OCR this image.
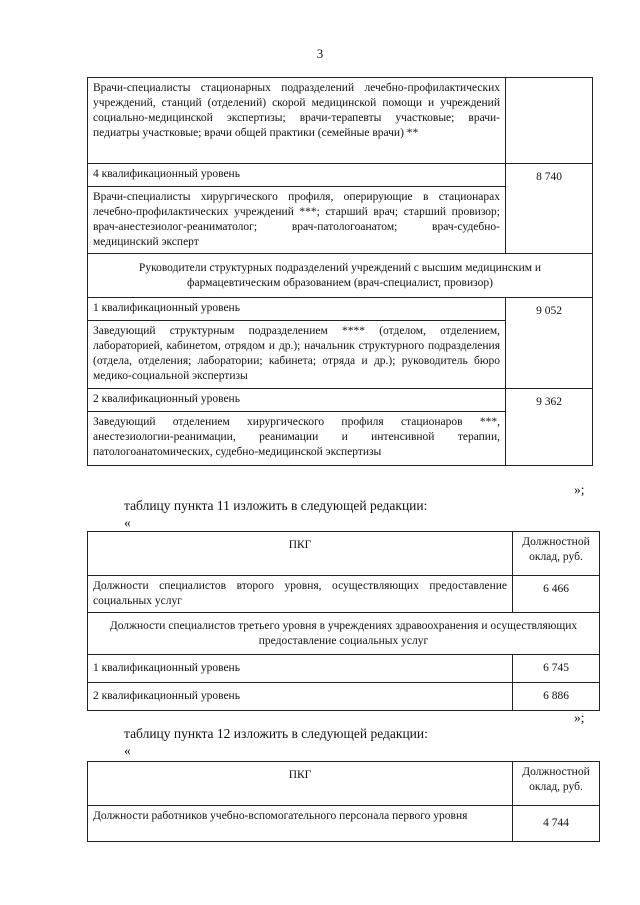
3
Врачи-специалисты стационарных подразделений лечебно-профилактических учреждений, станций (отделений) скорой медицинской помощи и учреждений социально-медицинской экспертизы; врачи-терапевты участковые; врачи-педиатры участковые; врачи общей практики (семейные врачи) **	
4 квалификационный уровень	8 740
Врачи-специалисты хирургического профиля, оперирующие в стационарах лечебно-профилактических учреждений ***; старший врач; старший провизор; врач-анестезиолог-реаниматолог; врач-патологоанатом; врач-судебно-медицинский эксперт	
Руководители структурных подразделений учреждений с высшим медицинским и фармацевтическим образованием (врач-специалист, провизор)	
1 квалификационный уровень	9 052
Заведующий структурным подразделением **** (отделом, отделением, лабораторией, кабинетом, отрядом и др.); начальник структурного подразделения (отдела, отделения; лаборатории; кабинета; отряда и др.); руководитель бюро медико-социальной экспертизы	
2 квалификационный уровень	9 362
Заведующий отделением хирургического профиля стационаров ***, анестезиологии-реанимации, реанимации и интенсивной терапии, патологоанатомических, судебно-медицинской экспертизы	
»;
таблицу пункта 11 изложить в следующей редакции:
«
ПКГ	Должностной оклад, руб.
Должности специалистов второго уровня, осуществляющих предоставление социальных услуг	6 466
Должности специалистов третьего уровня в учреждениях здравоохранения и осуществляющих предоставление социальных услуг	
1 квалификационный уровень	6 745
2 квалификационный уровень	6 886
»;
таблицу пункта 12 изложить в следующей редакции:
«
ПКГ	Должностной оклад, руб.
Должности работников учебно-вспомогательного персонала первого уровня	4 744
